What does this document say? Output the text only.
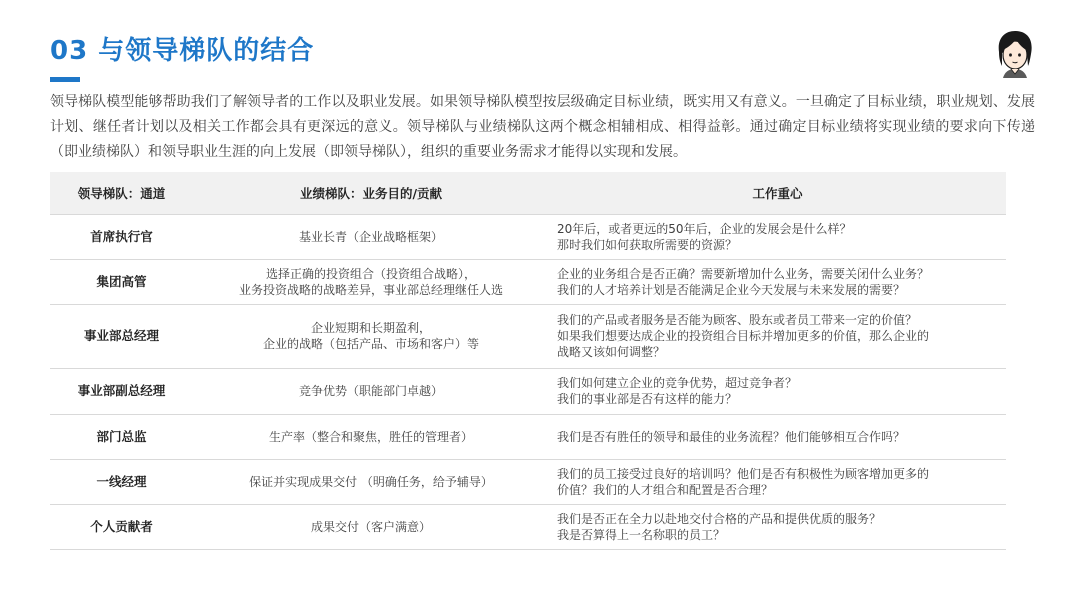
03 与领导梯队的结合
领导梯队模型能够帮助我们了解领导者的工作以及职业发展。如果领导梯队模型按层级确定目标业绩，既实用又有意义。一旦确定了目标业绩，职业规划、发展计划、继任者计划以及相关工作都会具有更深远的意义。领导梯队与业绩梯队这两个概念相辅相成、相得益彰。通过确定目标业绩将实现业绩的要求向下传递（即业绩梯队）和领导职业生涯的向上发展（即领导梯队），组织的重要业务需求才能得以实现和发展。
领导梯队：通道	业绩梯队：业务目的/贡献	工作重心
首席执行官	基业长青（企业战略框架）	20年后，或者更远的50年后，企业的发展会是什么样？
那时我们如何获取所需要的资源？

集团高管	选择正确的投资组合（投资组合战略），
业务投资战略的战略差异，事业部总经理继任人选	企业的业务组合是否正确？需要新增加什么业务，需要关闭什么业务？
我们的人才培养计划是否能满足企业今天发展与未来发展的需要？

事业部总经理	企业短期和长期盈利，
企业的战略（包括产品、市场和客户）等	我们的产品或者服务是否能为顾客、股东或者员工带来一定的价值？
如果我们想要达成企业的投资组合目标并增加更多的价值，那么企业的
战略又该如何调整？

事业部副总经理	竞争优势（职能部门卓越）	我们如何建立企业的竞争优势，超过竞争者？
我们的事业部是否有这样的能力？

部门总监	生产率（整合和聚焦，胜任的管理者）	我们是否有胜任的领导和最佳的业务流程？他们能够相互合作吗？

一线经理	保证并实现成果交付 （明确任务，给予辅导）	我们的员工接受过良好的培训吗？他们是否有积极性为顾客增加更多的
价值？我们的人才组合和配置是否合理？

个人贡献者	成果交付（客户满意）	我们是否正在全力以赴地交付合格的产品和提供优质的服务？
我是否算得上一名称职的员工？
